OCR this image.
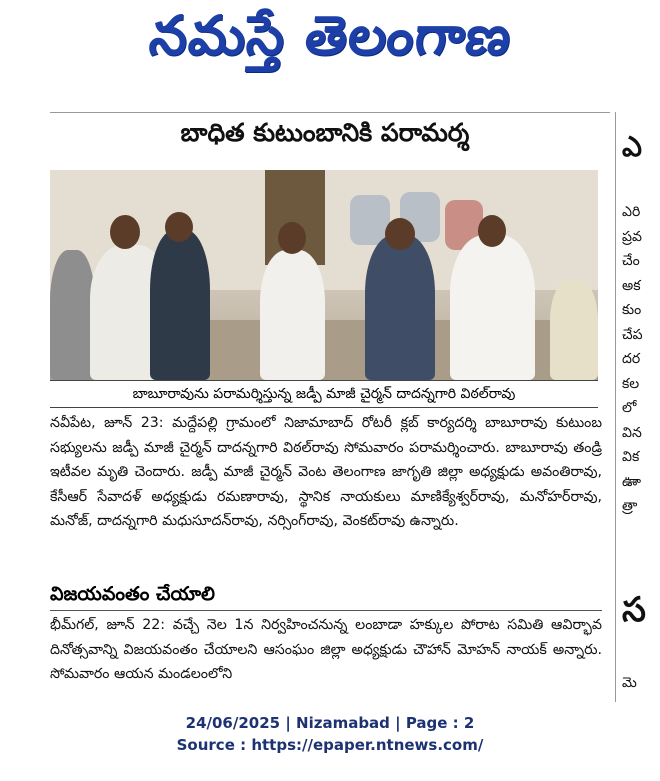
నమస్తే తెలంగాణ
బాధిత కుటుంబానికి పరామర్శ
బాబూరావును పరామర్శిస్తున్న జడ్పీ మాజీ చైర్మన్ దాదన్నగారి విఠల్‌రావు
నవీపేట, జూన్ 23: మద్దేపల్లి గ్రామంలో నిజామాబాద్ రోటరీ క్లబ్ కార్యదర్శి బాబూరావు కుటుంబ సభ్యులను జడ్పీ మాజీ చైర్మన్ దాదన్నగారి విఠల్‌రావు సోమవారం పరామర్శించారు. బాబూరావు తండ్రి ఇటీవల మృతి చెందారు. జడ్పీ మాజీ చైర్మన్ వెంట తెలంగాణ జాగృతి జిల్లా అధ్యక్షుడు అవంతిరావు, కేసీఆర్ సేవాదళ్ అధ్యక్షుడు రమణారావు, స్థానిక నాయకులు మాణిక్యేశ్వర్‌రావు, మనోహర్‌రావు, మనోజ్, దాదన్నగారి మధుసూదన్‌రావు, నర్సింగ్‌రావు, వెంకట్‌రావు ఉన్నారు.
విజయవంతం చేయాలి
భీమ్‌గల్, జూన్ 22: వచ్చే నెల 1న నిర్వహించనున్న లంబాడా హక్కుల పోరాట సమితి ఆవిర్భావ దినోత్సవాన్ని విజయవంతం చేయాలని ఆసంఘం జిల్లా అధ్యక్షుడు చౌహాన్ మోహన్ నాయక్ అన్నారు. సోమవారం ఆయన మండలంలోని
ఎ
ఎరి
ప్రవ
చేం
అక
కుం
చేప
దర
కల
లో
విన
విక
ఊా
త్రా
స
మె
24/06/2025 | Nizamabad | Page : 2
Source : https://epaper.ntnews.com/
